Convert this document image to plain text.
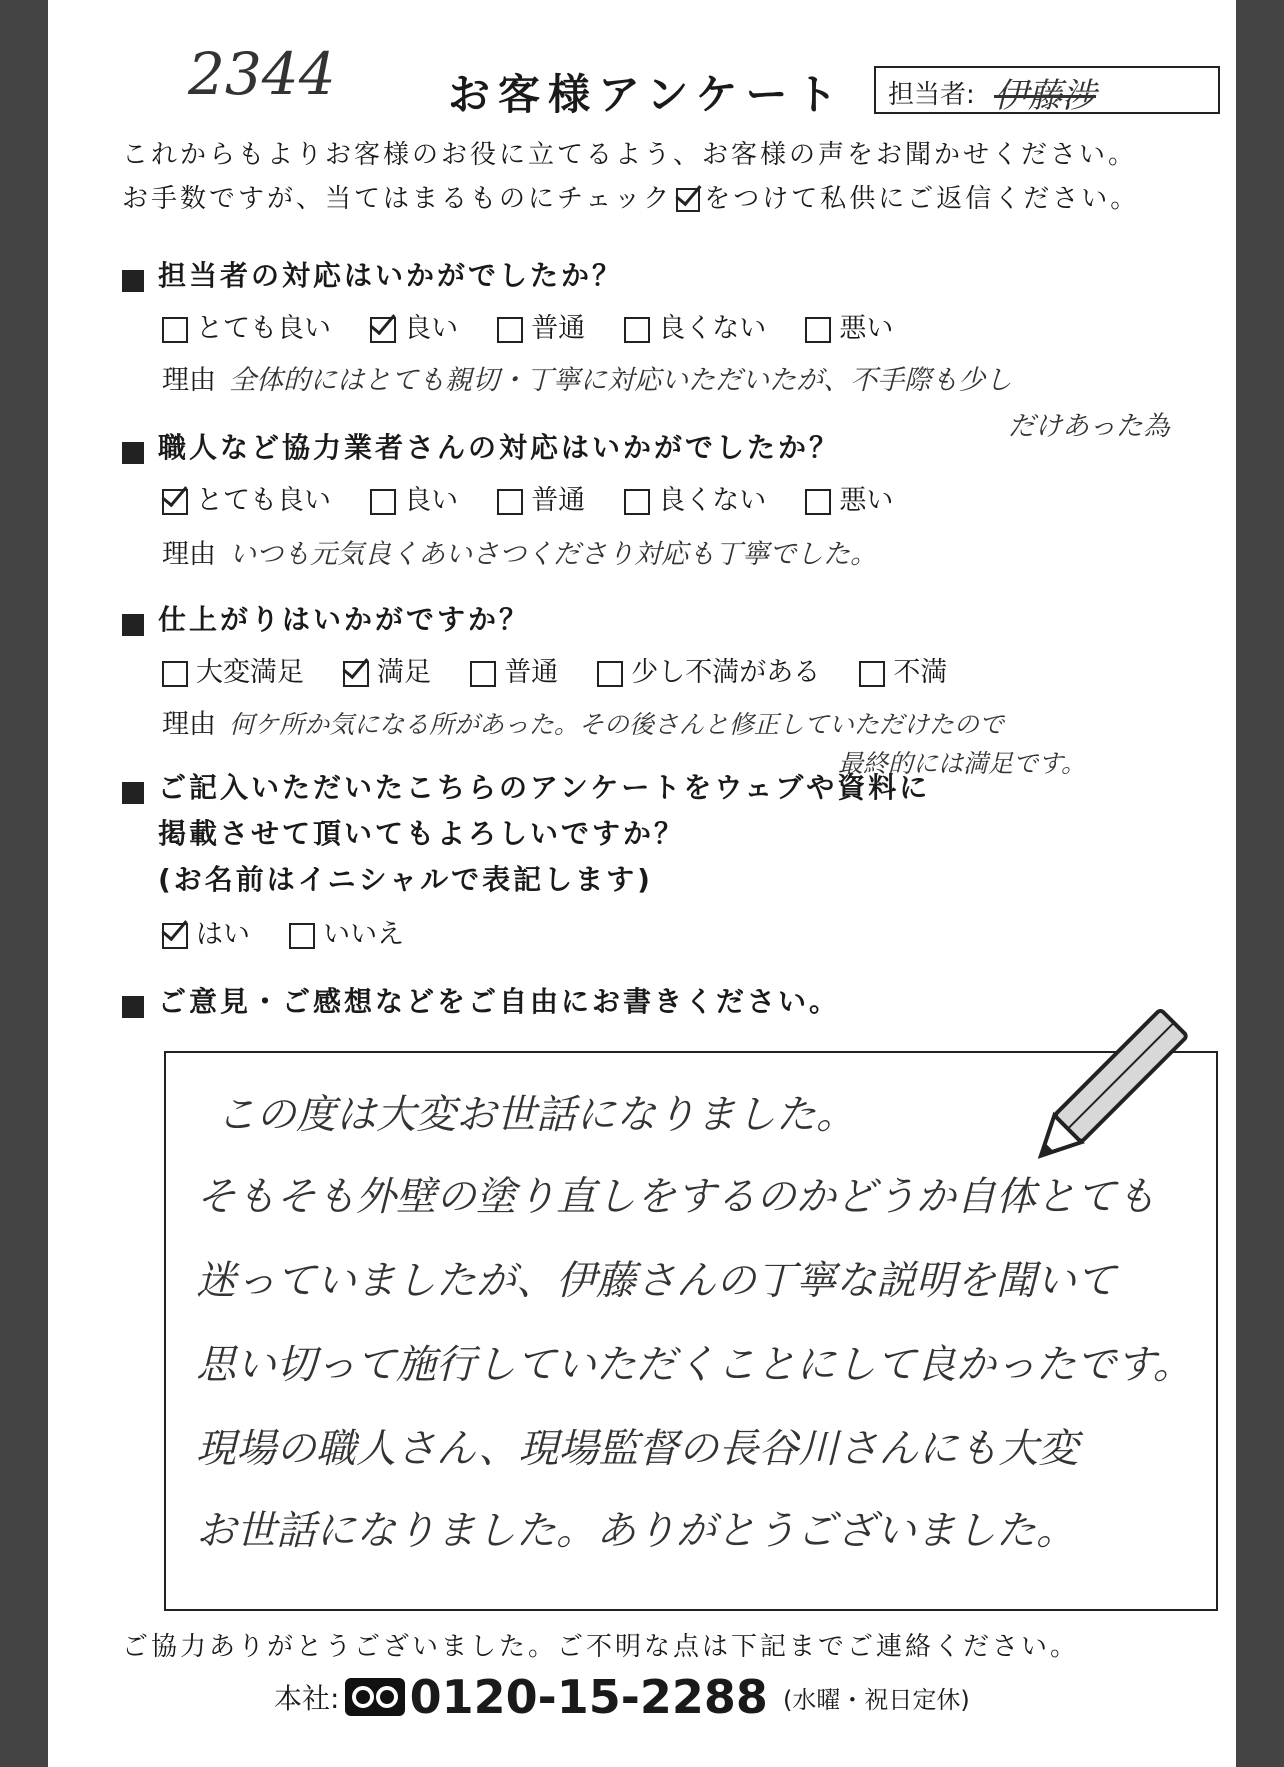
2344	お客様アンケート 担当者: 伊藤涉
これからもよりお客様のお役に立てるよう、お客様の声をお聞かせください。
お手数ですが、当てはまるものにチェック をつけて私供にご返信ください。
担当者の対応はいかがでしたか？
とても良い	良い	普通	良くない	悪い
理由 全体的にはとても親切・丁寧に対応いただいたが、不手際も少し
だけあった為
職人など協力業者さんの対応はいかがでしたか？
とても良い	良い	普通	良くない	悪い
理由 いつも元気良くあいさつくださり対応も丁寧でした。
仕上がりはいかがですか？
大変満足	満足	普通	少し不満がある	不満
理由 何ケ所か気になる所があった。その後さんと修正していただけたので
最終的には満足です。
ご記入いただいたこちらのアンケートをウェブや資料に
掲載させて頂いてもよろしいですか？
(お名前はイニシャルで表記します)
はい	いいえ
ご意見・ご感想などをご自由にお書きください。
この度は大変お世話になりました。
そもそも外壁の塗り直しをするのかどうか自体とても
迷っていましたが、伊藤さんの丁寧な説明を聞いて
思い切って施行していただくことにして良かったです。
現場の職人さん、現場監督の長谷川さんにも大変
お世話になりました。ありがとうございました。
ご協力ありがとうございました。ご不明な点は下記までご連絡ください。
本社: 0120-15-2288 (水曜・祝日定休)
